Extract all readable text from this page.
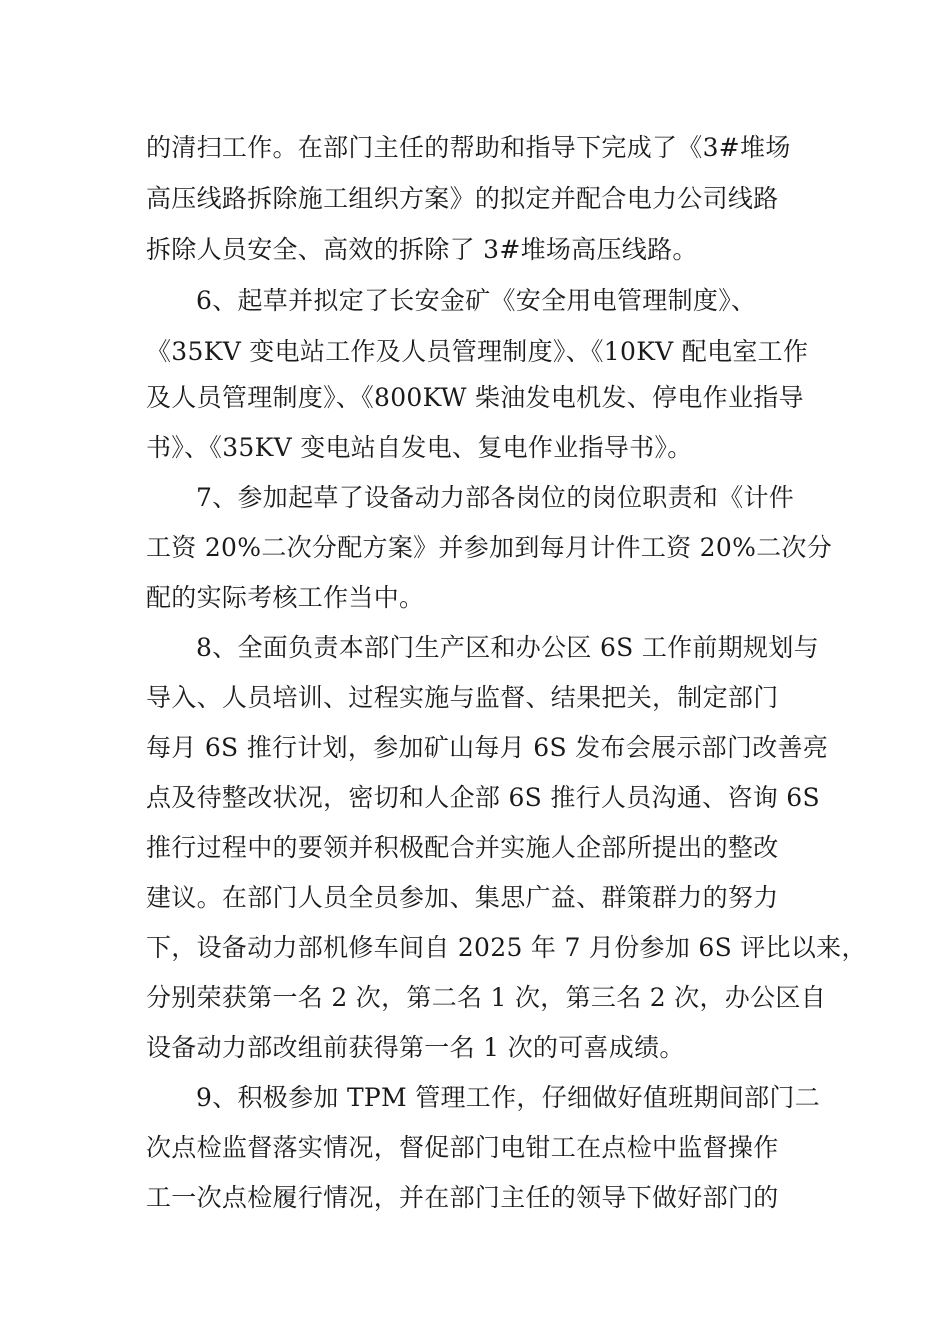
的清扫工作。在部门主任的帮助和指导下完成了《3#堆场

高压线路拆除施工组织方案》的拟定并配合电力公司线路

拆除人员安全、高效的拆除了 3#堆场高压线路。

6、起草并拟定了长安金矿《安全用电管理制度》、

《35KV 变电站工作及人员管理制度》、《10KV 配电室工作

及人员管理制度》、《800KW 柴油发电机发、停电作业指导

书》、《35KV 变电站自发电、复电作业指导书》。

7、参加起草了设备动力部各岗位的岗位职责和《计件

工资 20%二次分配方案》并参加到每月计件工资 20%二次分

配的实际考核工作当中。

8、全面负责本部门生产区和办公区 6S 工作前期规划与

导入、人员培训、过程实施与监督、结果把关，制定部门

每月 6S 推行计划，参加矿山每月 6S 发布会展示部门改善亮

点及待整改状况，密切和人企部 6S 推行人员沟通、咨询 6S

推行过程中的要领并积极配合并实施人企部所提出的整改

建议。在部门人员全员参加、集思广益、群策群力的努力

下，设备动力部机修车间自 2025 年 7 月份参加 6S 评比以来，

分别荣获第一名 2 次，第二名 1 次，第三名 2 次，办公区自

设备动力部改组前获得第一名 1 次的可喜成绩。

9、积极参加 TPM 管理工作，仔细做好值班期间部门二

次点检监督落实情况，督促部门电钳工在点检中监督操作

工一次点检履行情况，并在部门主任的领导下做好部门的
